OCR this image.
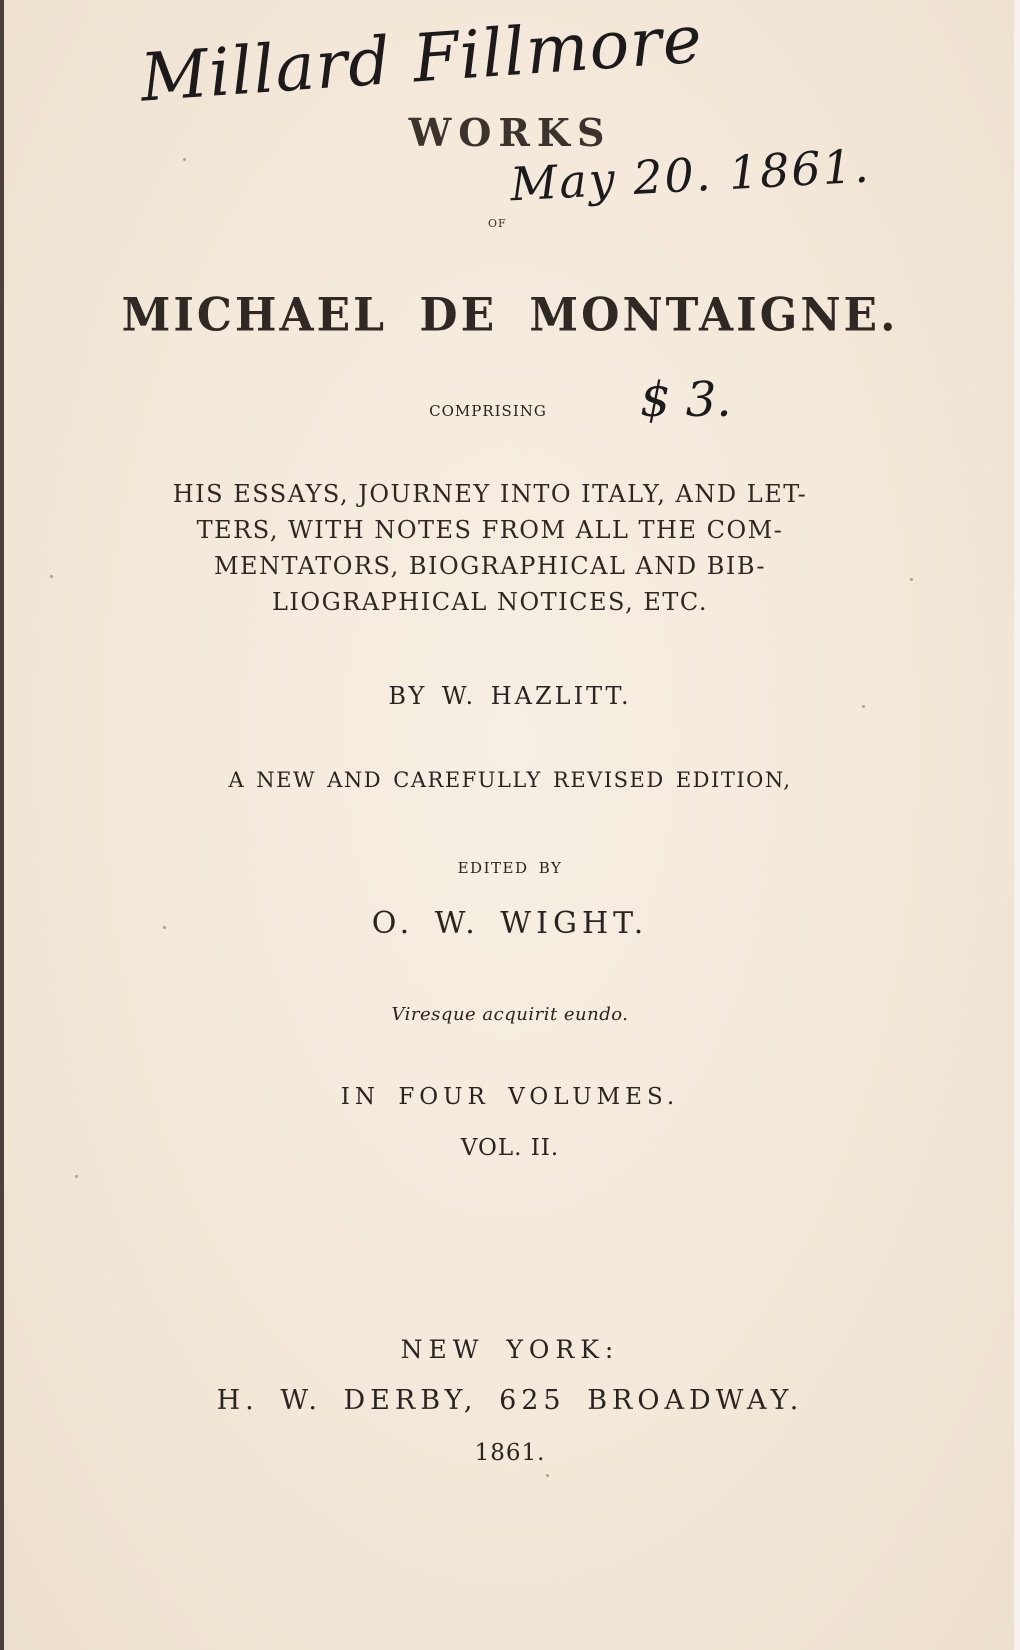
WORKS
OF
MICHAEL DE MONTAIGNE.
COMPRISING
HIS ESSAYS, JOURNEY INTO ITALY, AND LET-
TERS, WITH NOTES FROM ALL THE COM-
MENTATORS, BIOGRAPHICAL AND BIB-
LIOGRAPHICAL NOTICES, ETC.
BY W. HAZLITT.
A NEW AND CAREFULLY REVISED EDITION,
EDITED BY
O. W. WIGHT.
Viresque acquirit eundo.
IN FOUR VOLUMES.
VOL. II.
NEW YORK:
H. W. DERBY, 625 BROADWAY.
1861.
Millard Fillmore
May 20. 1861.
$ 3.
